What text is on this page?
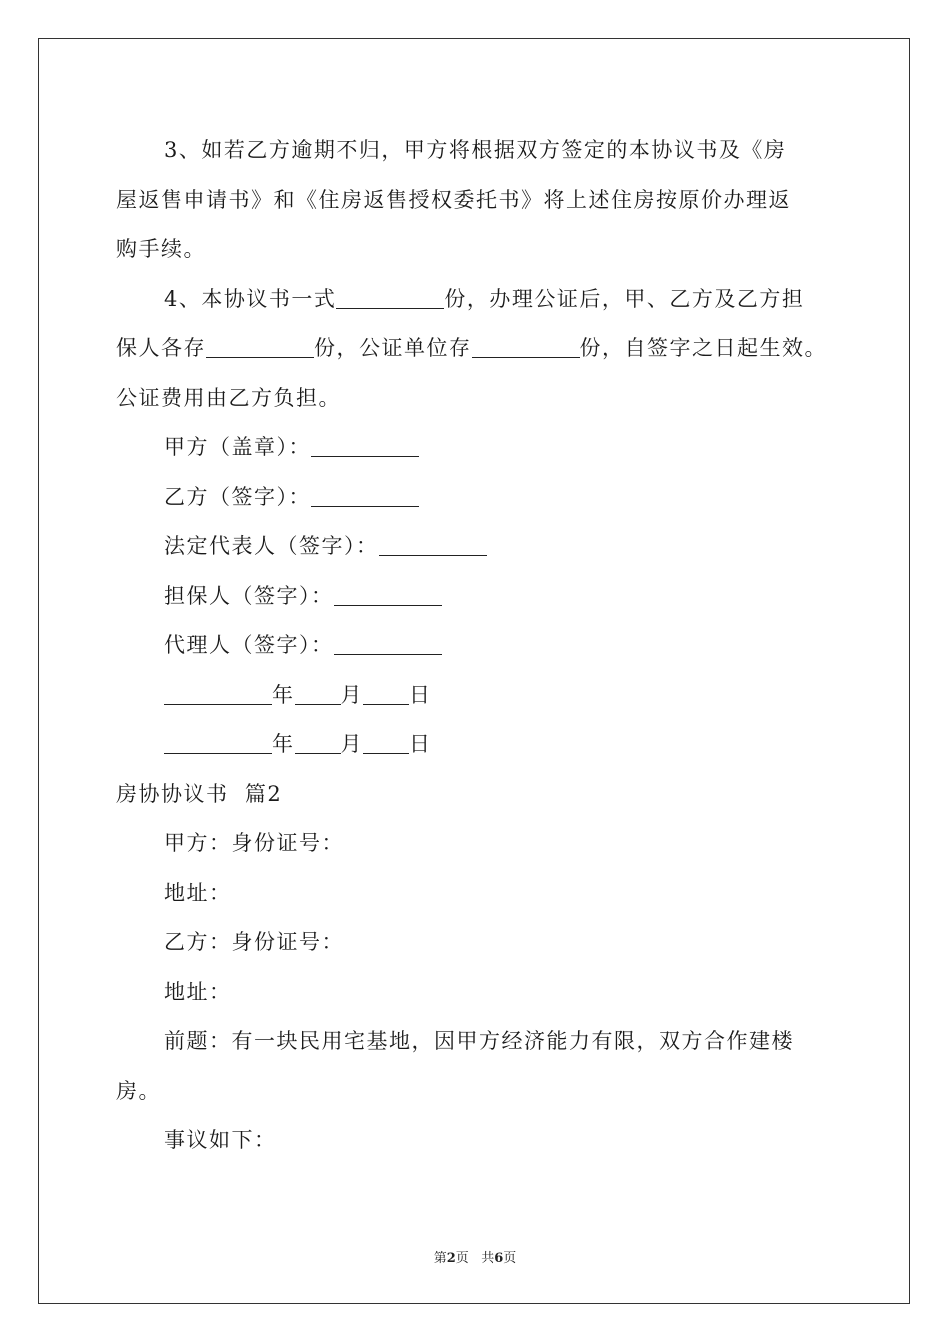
3、如若乙方逾期不归，甲方将根据双方签定的本协议书及《房

屋返售申请书》和《住房返售授权委托书》将上述住房按原价办理返

购手续。

4、本协议书一式	份，办理公证后，甲、乙方及乙方担

保人各存	份，公证单位存	份，自签字之日起生效。

公证费用由乙方负担。

甲方（盖章）：

乙方（签字）：

法定代表人（签字）：

担保人（签字）：

代理人（签字）：

年 月 日

年 月 日

房协协议书  篇2

甲方：身份证号：

地址：

乙方：身份证号：

地址：

前题：有一块民用宅基地，因甲方经济能力有限，双方合作建楼

房。

事议如下：

第2页   共6页
